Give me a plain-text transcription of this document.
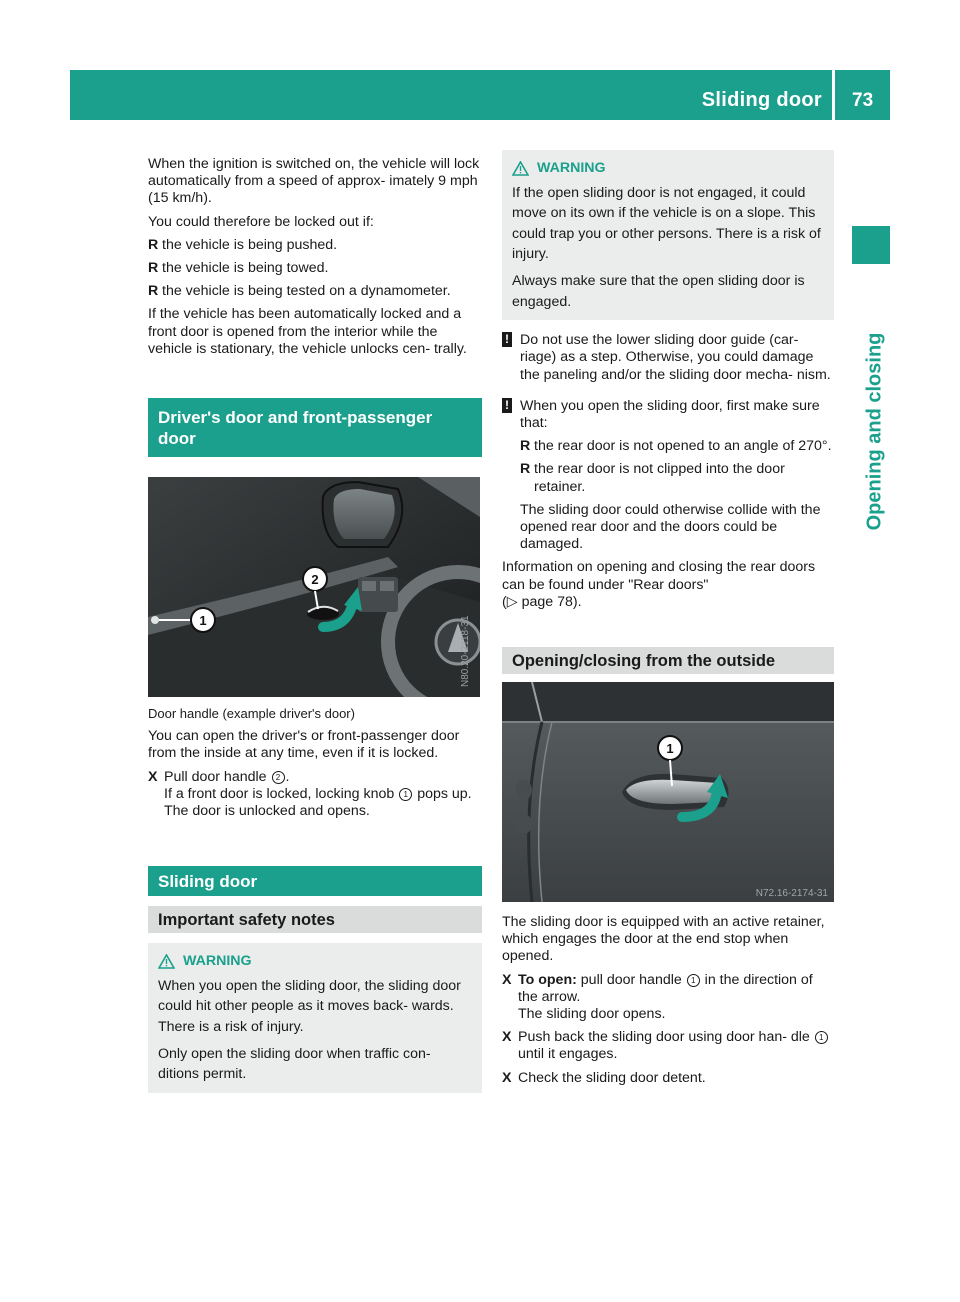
Sliding door 73
Opening and closing

When the ignition is switched on, the vehicle will lock automatically from a speed of approx- imately 9 mph (15 km/h).

You could therefore be locked out if:

R the vehicle is being pushed.
R the vehicle is being towed.
R the vehicle is being tested on a dynamometer.

If the vehicle has been automatically locked and a front door is opened from the interior while the vehicle is stationary, the vehicle unlocks cen- trally.

Driver's door and front-passenger door
1
2
N80.20-2118-31

Door handle (example driver's door)

You can open the driver's or front-passenger door from the inside at any time, even if it is locked.

X Pull door handle 2 .
If a front door is locked, locking knob 1 pops up. The door is unlocked and opens.
Sliding door
Important safety notes
WARNING

When you open the sliding door, the sliding door could hit other people as it moves back- wards. There is a risk of injury.

Only open the sliding door when traffic con- ditions permit.

WARNING

If the open sliding door is not engaged, it could move on its own if the vehicle is on a slope. This could trap you or other persons. There is a risk of injury.

Always make sure that the open sliding door is engaged.

! Do not use the lower sliding door guide (car- riage) as a step. Otherwise, you could damage the paneling and/or the sliding door mecha- nism.
! When you open the sliding door, first make sure that:
R the rear door is not opened to an angle of 270°.
R the rear door is not clipped into the door retainer.

The sliding door could otherwise collide with the opened rear door and the doors could be damaged.

Information on opening and closing the rear doors can be found under "Rear doors"
(▷ page 78).

Opening/closing from the outside
1
N72.16-2174-31

The sliding door is equipped with an active retainer, which engages the door at the end stop when opened.

X To open: pull door handle 1 in the direction of the arrow.
The sliding door opens.
X Push back the sliding door using door han- dle 1 until it engages.
X Check the sliding door detent.
